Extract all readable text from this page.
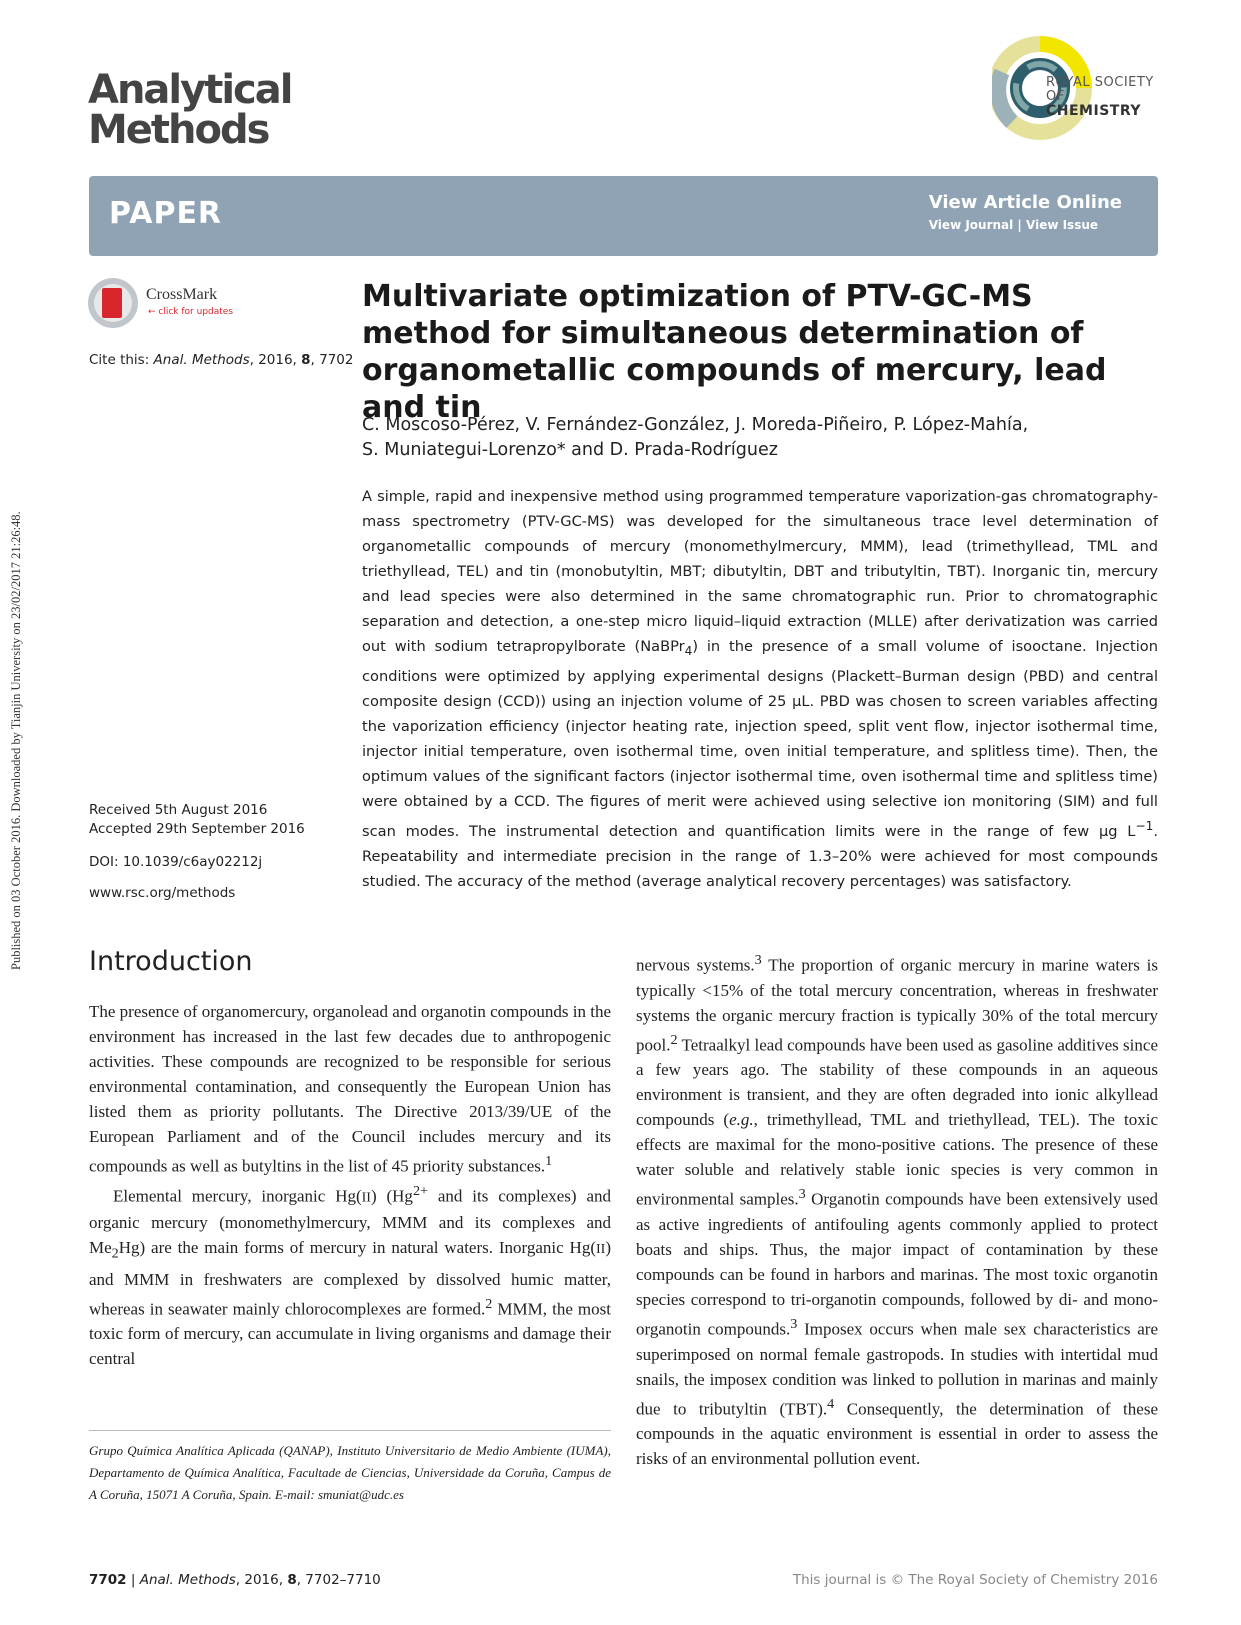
Published on 03 October 2016. Downloaded by Tianjin University on 23/02/2017 21:26:48.
Analytical
Methods
ROYAL SOCIETY
OF CHEMISTRY
PAPER	View Article Online
View Journal | View Issue
CrossMark
← click for updates
Cite this: Anal. Methods, 2016, 8, 7702
Received 5th August 2016
Accepted 29th September 2016
DOI: 10.1039/c6ay02212j
www.rsc.org/methods
Multivariate optimization of PTV-GC-MS method for simultaneous determination of organometallic compounds of mercury, lead and tin
C. Moscoso-Pérez, V. Fernández-González, J. Moreda-Piñeiro, P. López-Mahía,
S. Muniategui-Lorenzo* and D. Prada-Rodríguez
A simple, rapid and inexpensive method using programmed temperature vaporization-gas chromatography-mass spectrometry (PTV-GC-MS) was developed for the simultaneous trace level determination of organometallic compounds of mercury (monomethylmercury, MMM), lead (trimethyllead, TML and triethyllead, TEL) and tin (monobutyltin, MBT; dibutyltin, DBT and tributyltin, TBT). Inorganic tin, mercury and lead species were also determined in the same chromatographic run. Prior to chromatographic separation and detection, a one-step micro liquid–liquid extraction (MLLE) after derivatization was carried out with sodium tetrapropylborate (NaBPr$_4$) in the presence of a small volume of isooctane. Injection conditions were optimized by applying experimental designs (Plackett–Burman design (PBD) and central composite design (CCD)) using an injection volume of 25 μL. PBD was chosen to screen variables affecting the vaporization efficiency (injector heating rate, injection speed, split vent flow, injector isothermal time, injector initial temperature, oven isothermal time, oven initial temperature, and splitless time). Then, the optimum values of the significant factors (injector isothermal time, oven isothermal time and splitless time) were obtained by a CCD. The figures of merit were achieved using selective ion monitoring (SIM) and full scan modes. The instrumental detection and quantification limits were in the range of few μg $L^{-1}$. Repeatability and intermediate precision in the range of 1.3–20% were achieved for most compounds studied. The accuracy of the method (average analytical recovery percentages) was satisfactory.
Introduction

The presence of organomercury, organolead and organotin compounds in the environment has increased in the last few decades due to anthropogenic activities. These compounds are recognized to be responsible for serious environmental contamination, and consequently the European Union has listed them as priority pollutants. The Directive 2013/39/UE of the European Parliament and of the Council includes mercury and its compounds as well as butyltins in the list of 45 priority substances.$^1$

Elemental mercury, inorganic Hg(II) ($Hg^{2+}$ and its complexes) and organic mercury (monomethylmercury, MMM and its complexes and $Me_2Hg$) are the main forms of mercury in natural waters. Inorganic Hg(II) and MMM in freshwaters are complexed by dissolved humic matter, whereas in seawater mainly chlorocomplexes are formed.$^2$ MMM, the most toxic form of mercury, can accumulate in living organisms and damage their central

nervous systems.$^3$ The proportion of organic mercury in marine waters is typically <15% of the total mercury concentration, whereas in freshwater systems the organic mercury fraction is typically 30% of the total mercury pool.$^2$ Tetraalkyl lead compounds have been used as gasoline additives since a few years ago. The stability of these compounds in an aqueous environment is transient, and they are often degraded into ionic alkyllead compounds (e.g., trimethyllead, TML and triethyllead, TEL). The toxic effects are maximal for the mono-positive cations. The presence of these water soluble and relatively stable ionic species is very common in environmental samples.$^3$ Organotin compounds have been extensively used as active ingredients of antifouling agents commonly applied to protect boats and ships. Thus, the major impact of contamination by these compounds can be found in harbors and marinas. The most toxic organotin species correspond to tri-organotin compounds, followed by di- and mono-organotin compounds.$^3$ Imposex occurs when male sex characteristics are superimposed on normal female gastropods. In studies with intertidal mud snails, the imposex condition was linked to pollution in marinas and mainly due to tributyltin (TBT).$^4$ Consequently, the determination of these compounds in the aquatic environment is essential in order to assess the risks of an environmental pollution event.

Grupo Química Analítica Aplicada (QANAP), Instituto Universitario de Medio Ambiente (IUMA), Departamento de Química Analítica, Facultade de Ciencias, Universidade da Coruña, Campus de A Coruña, 15071 A Coruña, Spain. E-mail: smuniat@udc.es
7702 | Anal. Methods, 2016, 8, 7702–7710	This journal is © The Royal Society of Chemistry 2016
